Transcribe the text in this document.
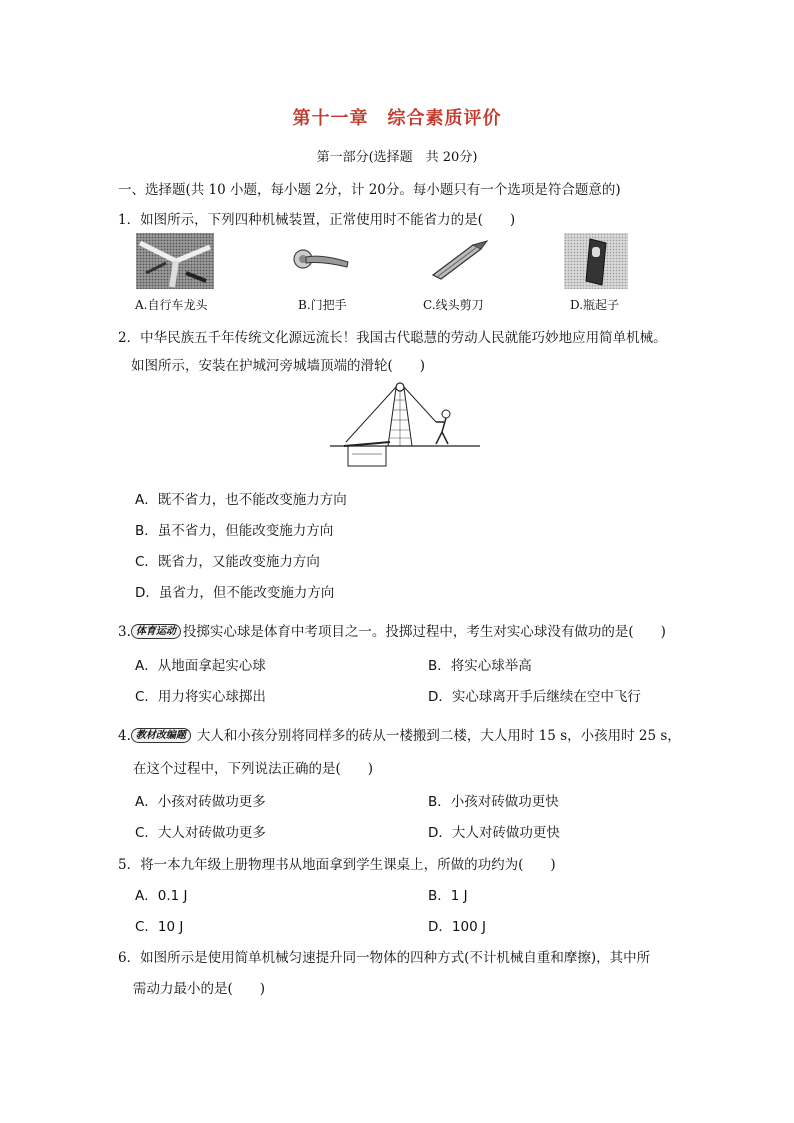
第十一章　综合素质评价
第一部分(选择题　共 20分)
一、选择题(共 10 小题，每小题 2分，计 20分。每小题只有一个选项是符合题意的)
1．如图所示，下列四种机械装置，正常使用时不能省力的是(　　)
A.自行车龙头	B.门把手	C.线头剪刀	D.瓶起子
2．中华民族五千年传统文化源远流长！我国古代聪慧的劳动人民就能巧妙地应用简单机械。
如图所示，安装在护城河旁城墙顶端的滑轮(　　)
A．既不省力，也不能改变施力方向
B．虽不省力，但能改变施力方向
C．既省力，又能改变施力方向
D．虽省力，但不能改变施力方向
3. 体育运动 投掷实心球是体育中考项目之一。投掷过程中，考生对实心球没有做功的是(　　)
A．从地面拿起实心球	B．将实心球举高
C．用力将实心球掷出	D．实心球离开手后继续在空中飞行
4. 教材改编题 大人和小孩分别将同样多的砖从一楼搬到二楼，大人用时 15 s，小孩用时 25 s，
在这个过程中，下列说法正确的是(　　)
A．小孩对砖做功更多	B．小孩对砖做功更快
C．大人对砖做功更多	D．大人对砖做功更快
5．将一本九年级上册物理书从地面拿到学生课桌上，所做的功约为(　　)
A．0.1 J	B．1 J
C．10 J	D．100 J
6．如图所示是使用简单机械匀速提升同一物体的四种方式(不计机械自重和摩擦)，其中所
需动力最小的是(　　)
